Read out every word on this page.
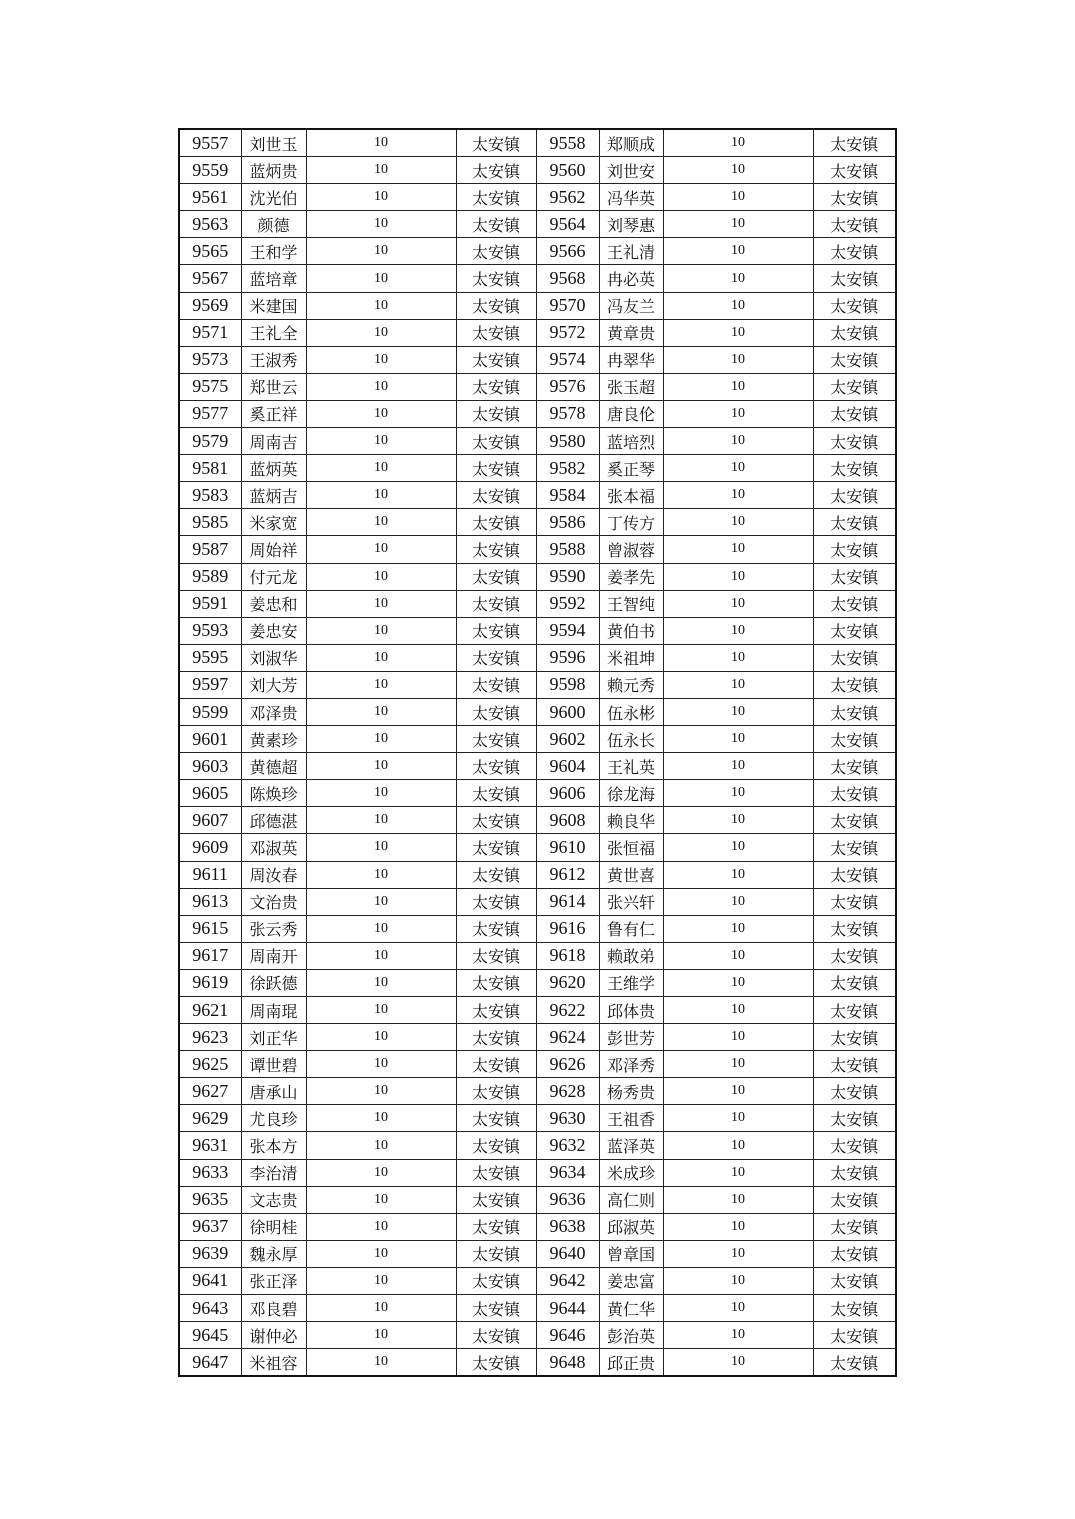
9557	刘世玉	10	太安镇	9558	郑顺成	10	太安镇
9559	蓝炳贵	10	太安镇	9560	刘世安	10	太安镇
9561	沈光伯	10	太安镇	9562	冯华英	10	太安镇
9563	颜德	10	太安镇	9564	刘琴惠	10	太安镇
9565	王和学	10	太安镇	9566	王礼清	10	太安镇
9567	蓝培章	10	太安镇	9568	冉必英	10	太安镇
9569	米建国	10	太安镇	9570	冯友兰	10	太安镇
9571	王礼全	10	太安镇	9572	黄章贵	10	太安镇
9573	王淑秀	10	太安镇	9574	冉翠华	10	太安镇
9575	郑世云	10	太安镇	9576	张玉超	10	太安镇
9577	奚正祥	10	太安镇	9578	唐良伦	10	太安镇
9579	周南吉	10	太安镇	9580	蓝培烈	10	太安镇
9581	蓝炳英	10	太安镇	9582	奚正琴	10	太安镇
9583	蓝炳吉	10	太安镇	9584	张本福	10	太安镇
9585	米家宽	10	太安镇	9586	丁传方	10	太安镇
9587	周始祥	10	太安镇	9588	曾淑蓉	10	太安镇
9589	付元龙	10	太安镇	9590	姜孝先	10	太安镇
9591	姜忠和	10	太安镇	9592	王智纯	10	太安镇
9593	姜忠安	10	太安镇	9594	黄伯书	10	太安镇
9595	刘淑华	10	太安镇	9596	米祖坤	10	太安镇
9597	刘大芳	10	太安镇	9598	赖元秀	10	太安镇
9599	邓泽贵	10	太安镇	9600	伍永彬	10	太安镇
9601	黄素珍	10	太安镇	9602	伍永长	10	太安镇
9603	黄德超	10	太安镇	9604	王礼英	10	太安镇
9605	陈焕珍	10	太安镇	9606	徐龙海	10	太安镇
9607	邱德湛	10	太安镇	9608	赖良华	10	太安镇
9609	邓淑英	10	太安镇	9610	张恒福	10	太安镇
9611	周汝春	10	太安镇	9612	黄世喜	10	太安镇
9613	文治贵	10	太安镇	9614	张兴轩	10	太安镇
9615	张云秀	10	太安镇	9616	鲁有仁	10	太安镇
9617	周南开	10	太安镇	9618	赖敢弟	10	太安镇
9619	徐跃德	10	太安镇	9620	王维学	10	太安镇
9621	周南琨	10	太安镇	9622	邱体贵	10	太安镇
9623	刘正华	10	太安镇	9624	彭世芳	10	太安镇
9625	谭世碧	10	太安镇	9626	邓泽秀	10	太安镇
9627	唐承山	10	太安镇	9628	杨秀贵	10	太安镇
9629	尤良珍	10	太安镇	9630	王祖香	10	太安镇
9631	张本方	10	太安镇	9632	蓝泽英	10	太安镇
9633	李治清	10	太安镇	9634	米成珍	10	太安镇
9635	文志贵	10	太安镇	9636	高仁则	10	太安镇
9637	徐明桂	10	太安镇	9638	邱淑英	10	太安镇
9639	魏永厚	10	太安镇	9640	曾章国	10	太安镇
9641	张正泽	10	太安镇	9642	姜忠富	10	太安镇
9643	邓良碧	10	太安镇	9644	黄仁华	10	太安镇
9645	谢仲必	10	太安镇	9646	彭治英	10	太安镇
9647	米祖容	10	太安镇	9648	邱正贵	10	太安镇
